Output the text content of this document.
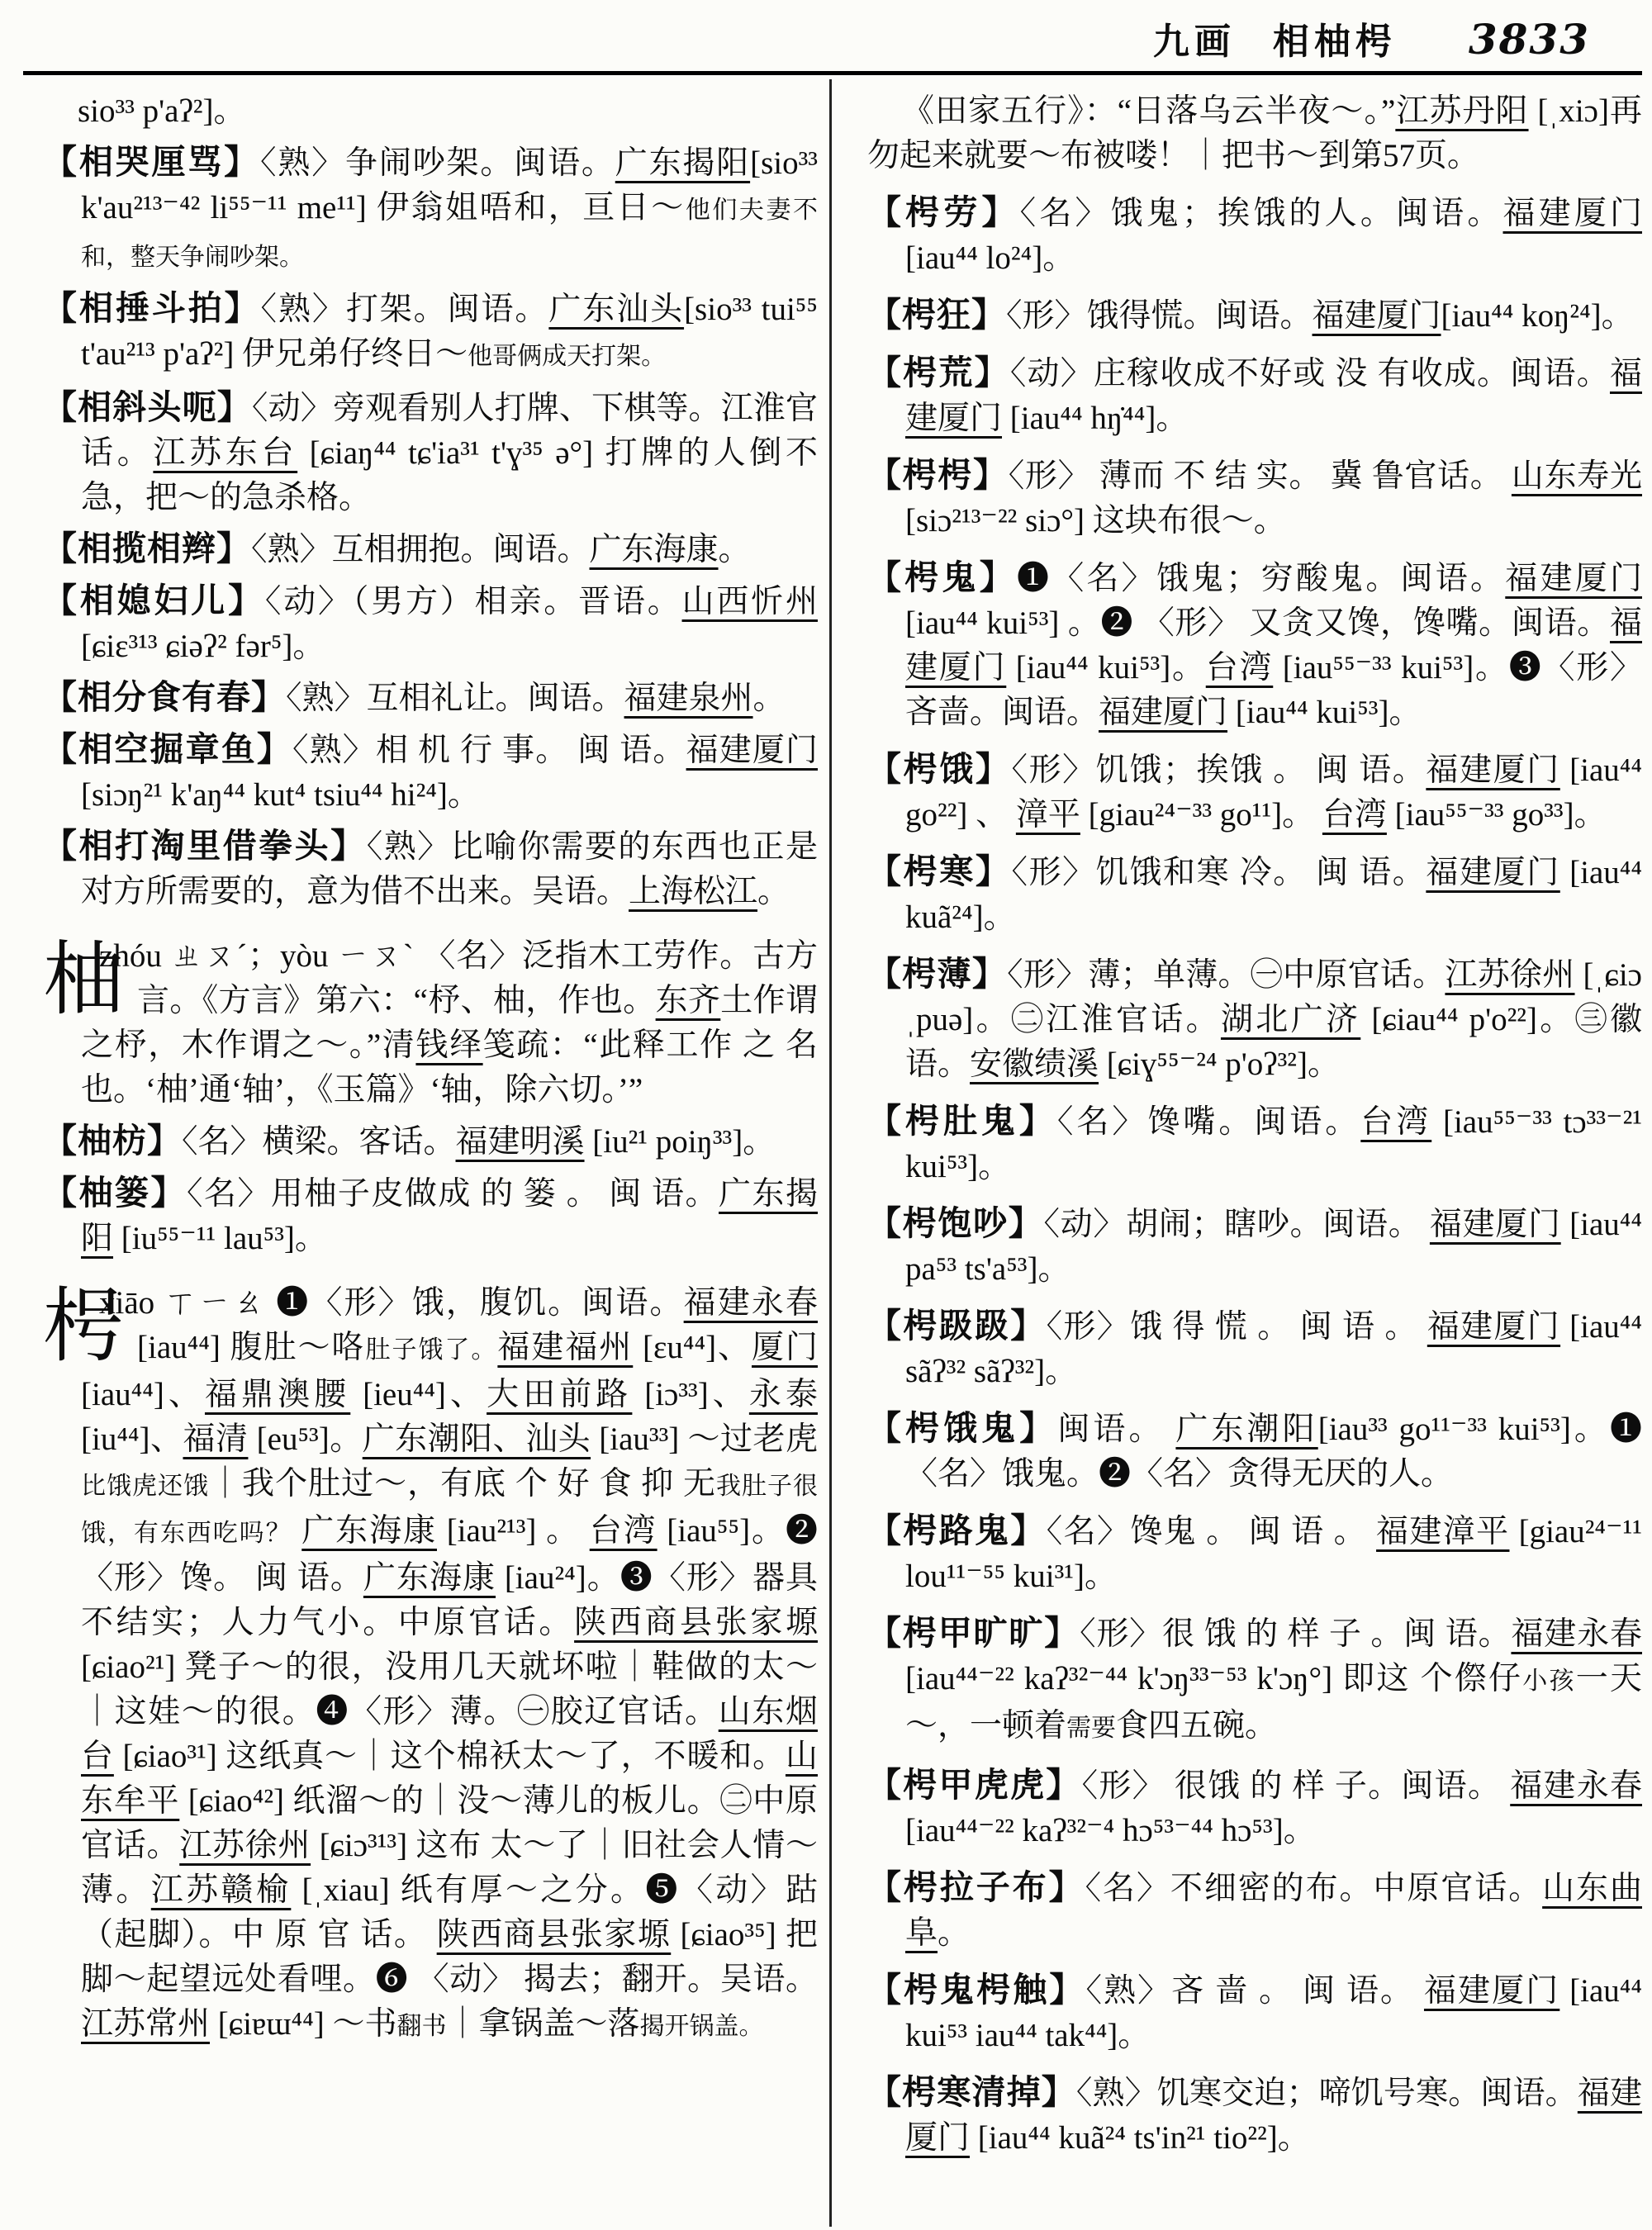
九画 相柚枵 3833

sio³³ p'aʔ²]。

【相哭厘骂】〈熟〉争闹吵架。闽语。广东揭阳[sio³³ k'au²¹³⁻⁴² li⁵⁵⁻¹¹ me¹¹] 伊翁姐唔和，亘日～他们夫妻不和，整天争闹吵架。

【相捶斗拍】〈熟〉打架。闽语。广东汕头[sio³³ tui⁵⁵ t'au²¹³ p'aʔ²] 伊兄弟仔终日～他哥俩成天打架。

【相斜头呃】〈动〉旁观看别人打牌、下棋等。江淮官话。江苏东台 [ɕiaŋ⁴⁴ tɕ'ia³¹ t'ɣ³⁵ ə°] 打牌的人倒不急，把～的急杀格。

【相揽相辫】〈熟〉互相拥抱。闽语。广东海康。

【相媳妇儿】〈动〉（男方）相亲。晋语。山西忻州 [ɕiɛ³¹³ ɕiəʔ² fər⁵]。

【相分食有春】〈熟〉互相礼让。闽语。福建泉州。

【相空掘章鱼】〈熟〉相 机 行 事。 闽 语。福建厦门 [siɔŋ²¹ k'aŋ⁴⁴ kut⁴ tsiu⁴⁴ hi²⁴]。

【相打淘里借拳头】〈熟〉比喻你需要的东西也正是对方所需要的，意为借不出来。吴语。上海松江。

柚
zhóu ㄓㄡˊ；yòu ㄧㄡˋ 〈名〉泛指木工劳作。古方言。《方言》第六：“杼、柚，作也。东齐土作谓之杼，木作谓之～。”清钱绎笺疏：“此释工作 之 名 也。‘柚’通‘轴’，《玉篇》‘轴，除六切。’”

【柚枋】〈名〉横梁。客话。福建明溪 [iu²¹ poiŋ³³]。

【柚篓】〈名〉用柚子皮做成 的 篓 。 闽 语。广东揭阳 [iu⁵⁵⁻¹¹ lau⁵³]。

枵
xiāo ㄒㄧㄠ ❶〈形〉饿，腹饥。闽语。福建永春 [iau⁴⁴] 腹肚～咯肚子饿了。福建福州 [ɛu⁴⁴]、厦门 [iau⁴⁴]、福鼎澳腰 [ieu⁴⁴]、大田前路 [iɔ³³]、永泰 [iu⁴⁴]、福清 [eu⁵³]。广东潮阳、汕头 [iau³³] ～过老虎比饿虎还饿｜我个肚过～，有底 个 好 食 抑 无我肚子很饿，有东西吃吗？ 广东海康 [iau²¹³] 。 台湾 [iau⁵⁵]。❷〈形〉馋。 闽 语。广东海康 [iau²⁴]。❸〈形〉器具不结实；人力气小。中原官话。陕西商县张家塬 [ɕiao²¹] 凳子～的很，没用几天就坏啦｜鞋做的太～｜这娃～的很。❹〈形〉薄。㊀胶辽官话。山东烟台 [ɕiao³¹] 这纸真～｜这个棉袄太～了，不暖和。山东牟平 [ɕiao⁴²] 纸溜～的｜没～薄儿的板儿。㊁中原官话。江苏徐州 [ɕiɔ³¹³] 这布 太～了｜旧社会人情～薄。江苏赣榆 [ˌxiau] 纸有厚～之分。❺〈动〉跍（起脚）。中 原 官 话。 陕西商县张家塬 [ɕiao³⁵] 把脚～起望远处看哩。❻ 〈动〉 揭去；翻开。吴语。江苏常州 [ɕiɐɯ⁴⁴] ～书翻书｜拿锅盖～落揭开锅盖。

《田家五行》：“日落乌云半夜～。”江苏丹阳 [ˌxiɔ]再勿起来就要～布被喽！｜把书～到第57页。

【枵劳】〈名〉饿鬼；挨饿的人。闽语。福建厦门 [iau⁴⁴ lo²⁴]。

【枵狂】〈形〉饿得慌。闽语。福建厦门[iau⁴⁴ koŋ²⁴]。

【枵荒】〈动〉庄稼收成不好或 没 有收成。闽语。福建厦门 [iau⁴⁴ hŋ̇⁴⁴]。

【枵枵】〈形〉 薄而 不 结 实。 冀 鲁官话。 山东寿光 [siɔ²¹³⁻²² siɔ°] 这块布很～。

【枵鬼】❶〈名〉饿鬼；穷酸鬼。闽语。福建厦门[iau⁴⁴ kui⁵³] 。❷ 〈形〉 又贪又馋，馋嘴。闽语。福建厦门 [iau⁴⁴ kui⁵³]。台湾 [iau⁵⁵⁻³³ kui⁵³]。❸〈形〉吝啬。闽语。福建厦门 [iau⁴⁴ kui⁵³]。

【枵饿】〈形〉饥饿；挨饿 。 闽 语。福建厦门 [iau⁴⁴ go²²] 、 漳平 [giau²⁴⁻³³ go¹¹]。 台湾 [iau⁵⁵⁻³³ go³³]。

【枵寒】〈形〉饥饿和寒 冷。 闽 语。福建厦门 [iau⁴⁴ kuã²⁴]。

【枵薄】〈形〉薄；单薄。㊀中原官话。江苏徐州 [ˌɕiɔ ˌpuə]。㊁江淮官话。湖北广济 [ɕiau⁴⁴ p'o²²]。㊂徽语。安徽绩溪 [ɕiɣ⁵⁵⁻²⁴ p'oʔ³²]。

【枵肚鬼】〈名〉馋嘴。闽语。台湾 [iau⁵⁵⁻³³ tɔ³³⁻²¹ kui⁵³]。

【枵饱吵】〈动〉胡闹；瞎吵。闽语。 福建厦门 [iau⁴⁴ pa⁵³ ts'a⁵³]。

【枵趿趿】〈形〉饿 得 慌 。 闽 语 。 福建厦门 [iau⁴⁴ sãʔ³² sãʔ³²]。

【枵饿鬼】闽语。 广东潮阳[iau³³ go¹¹⁻³³ kui⁵³]。❶〈名〉饿鬼。❷〈名〉贪得无厌的人。

【枵路鬼】〈名〉馋鬼 。 闽 语 。 福建漳平 [giau²⁴⁻¹¹ lou¹¹⁻⁵⁵ kui³¹]。

【枵甲旷旷】〈形〉很 饿 的 样 子 。闽 语。福建永春 [iau⁴⁴⁻²² kaʔ³²⁻⁴⁴ k'ɔŋ³³⁻⁵³ k'ɔŋ°] 即这 个傺仔小孩一天～，一顿着需要食四五碗。

【枵甲虎虎】〈形〉 很饿 的 样 子。闽语。 福建永春 [iau⁴⁴⁻²² kaʔ³²⁻⁴ hɔ⁵³⁻⁴⁴ hɔ⁵³]。

【枵拉子布】〈名〉不细密的布。中原官话。山东曲阜。

【枵鬼枵触】〈熟〉吝 啬 。 闽 语。 福建厦门 [iau⁴⁴ kui⁵³ iau⁴⁴ tak⁴⁴]。

【枵寒清掉】〈熟〉饥寒交迫；啼饥号寒。闽语。福建厦门 [iau⁴⁴ kuã²⁴ ts'in²¹ tio²²]。
